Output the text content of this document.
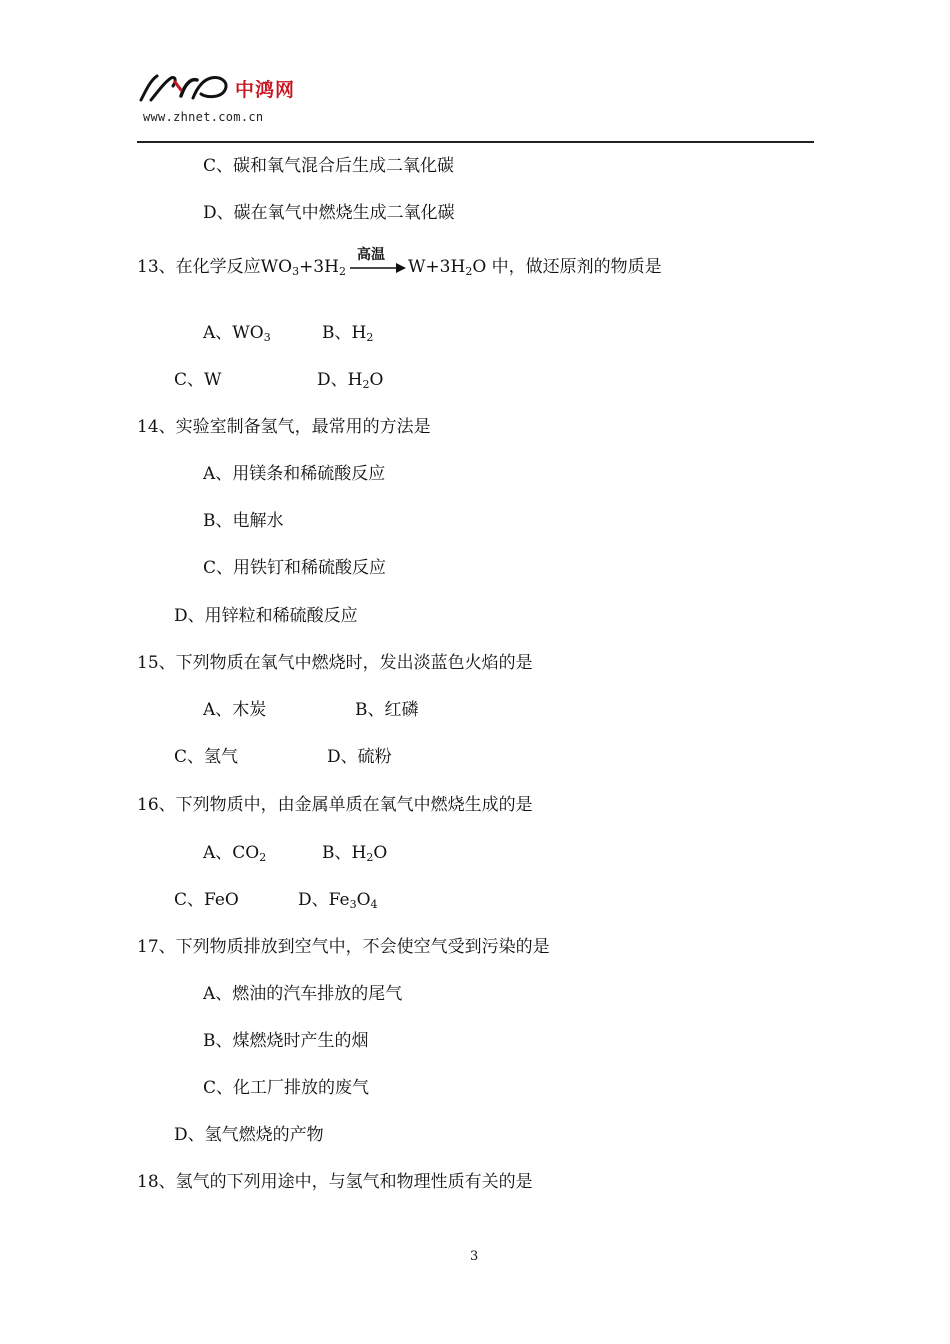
中鸿网
www.zhnet.com.cn
C、碳和氧气混合后生成二氧化碳
D、碳在氧气中燃烧生成二氧化碳
13、在化学反应$WO_3+3H_2$
高温
$W+3H_2O$ 中，做还原剂的物质是
A、$WO_3$	B、$H_2$
C、W	D、$H_2O$
14、实验室制备氢气，最常用的方法是
A、用镁条和稀硫酸反应
B、电解水
C、用铁钉和稀硫酸反应
D、用锌粒和稀硫酸反应
15、下列物质在氧气中燃烧时，发出淡蓝色火焰的是
A、木炭	B、红磷
C、氢气	D、硫粉
16、下列物质中，由金属单质在氧气中燃烧生成的是
A、$CO_2$	B、$H_2O$
C、FeO	D、$Fe_3O_4$
17、下列物质排放到空气中，不会使空气受到污染的是
A、燃油的汽车排放的尾气
B、煤燃烧时产生的烟
C、化工厂排放的废气
D、氢气燃烧的产物
18、氢气的下列用途中，与氢气和物理性质有关的是
3
